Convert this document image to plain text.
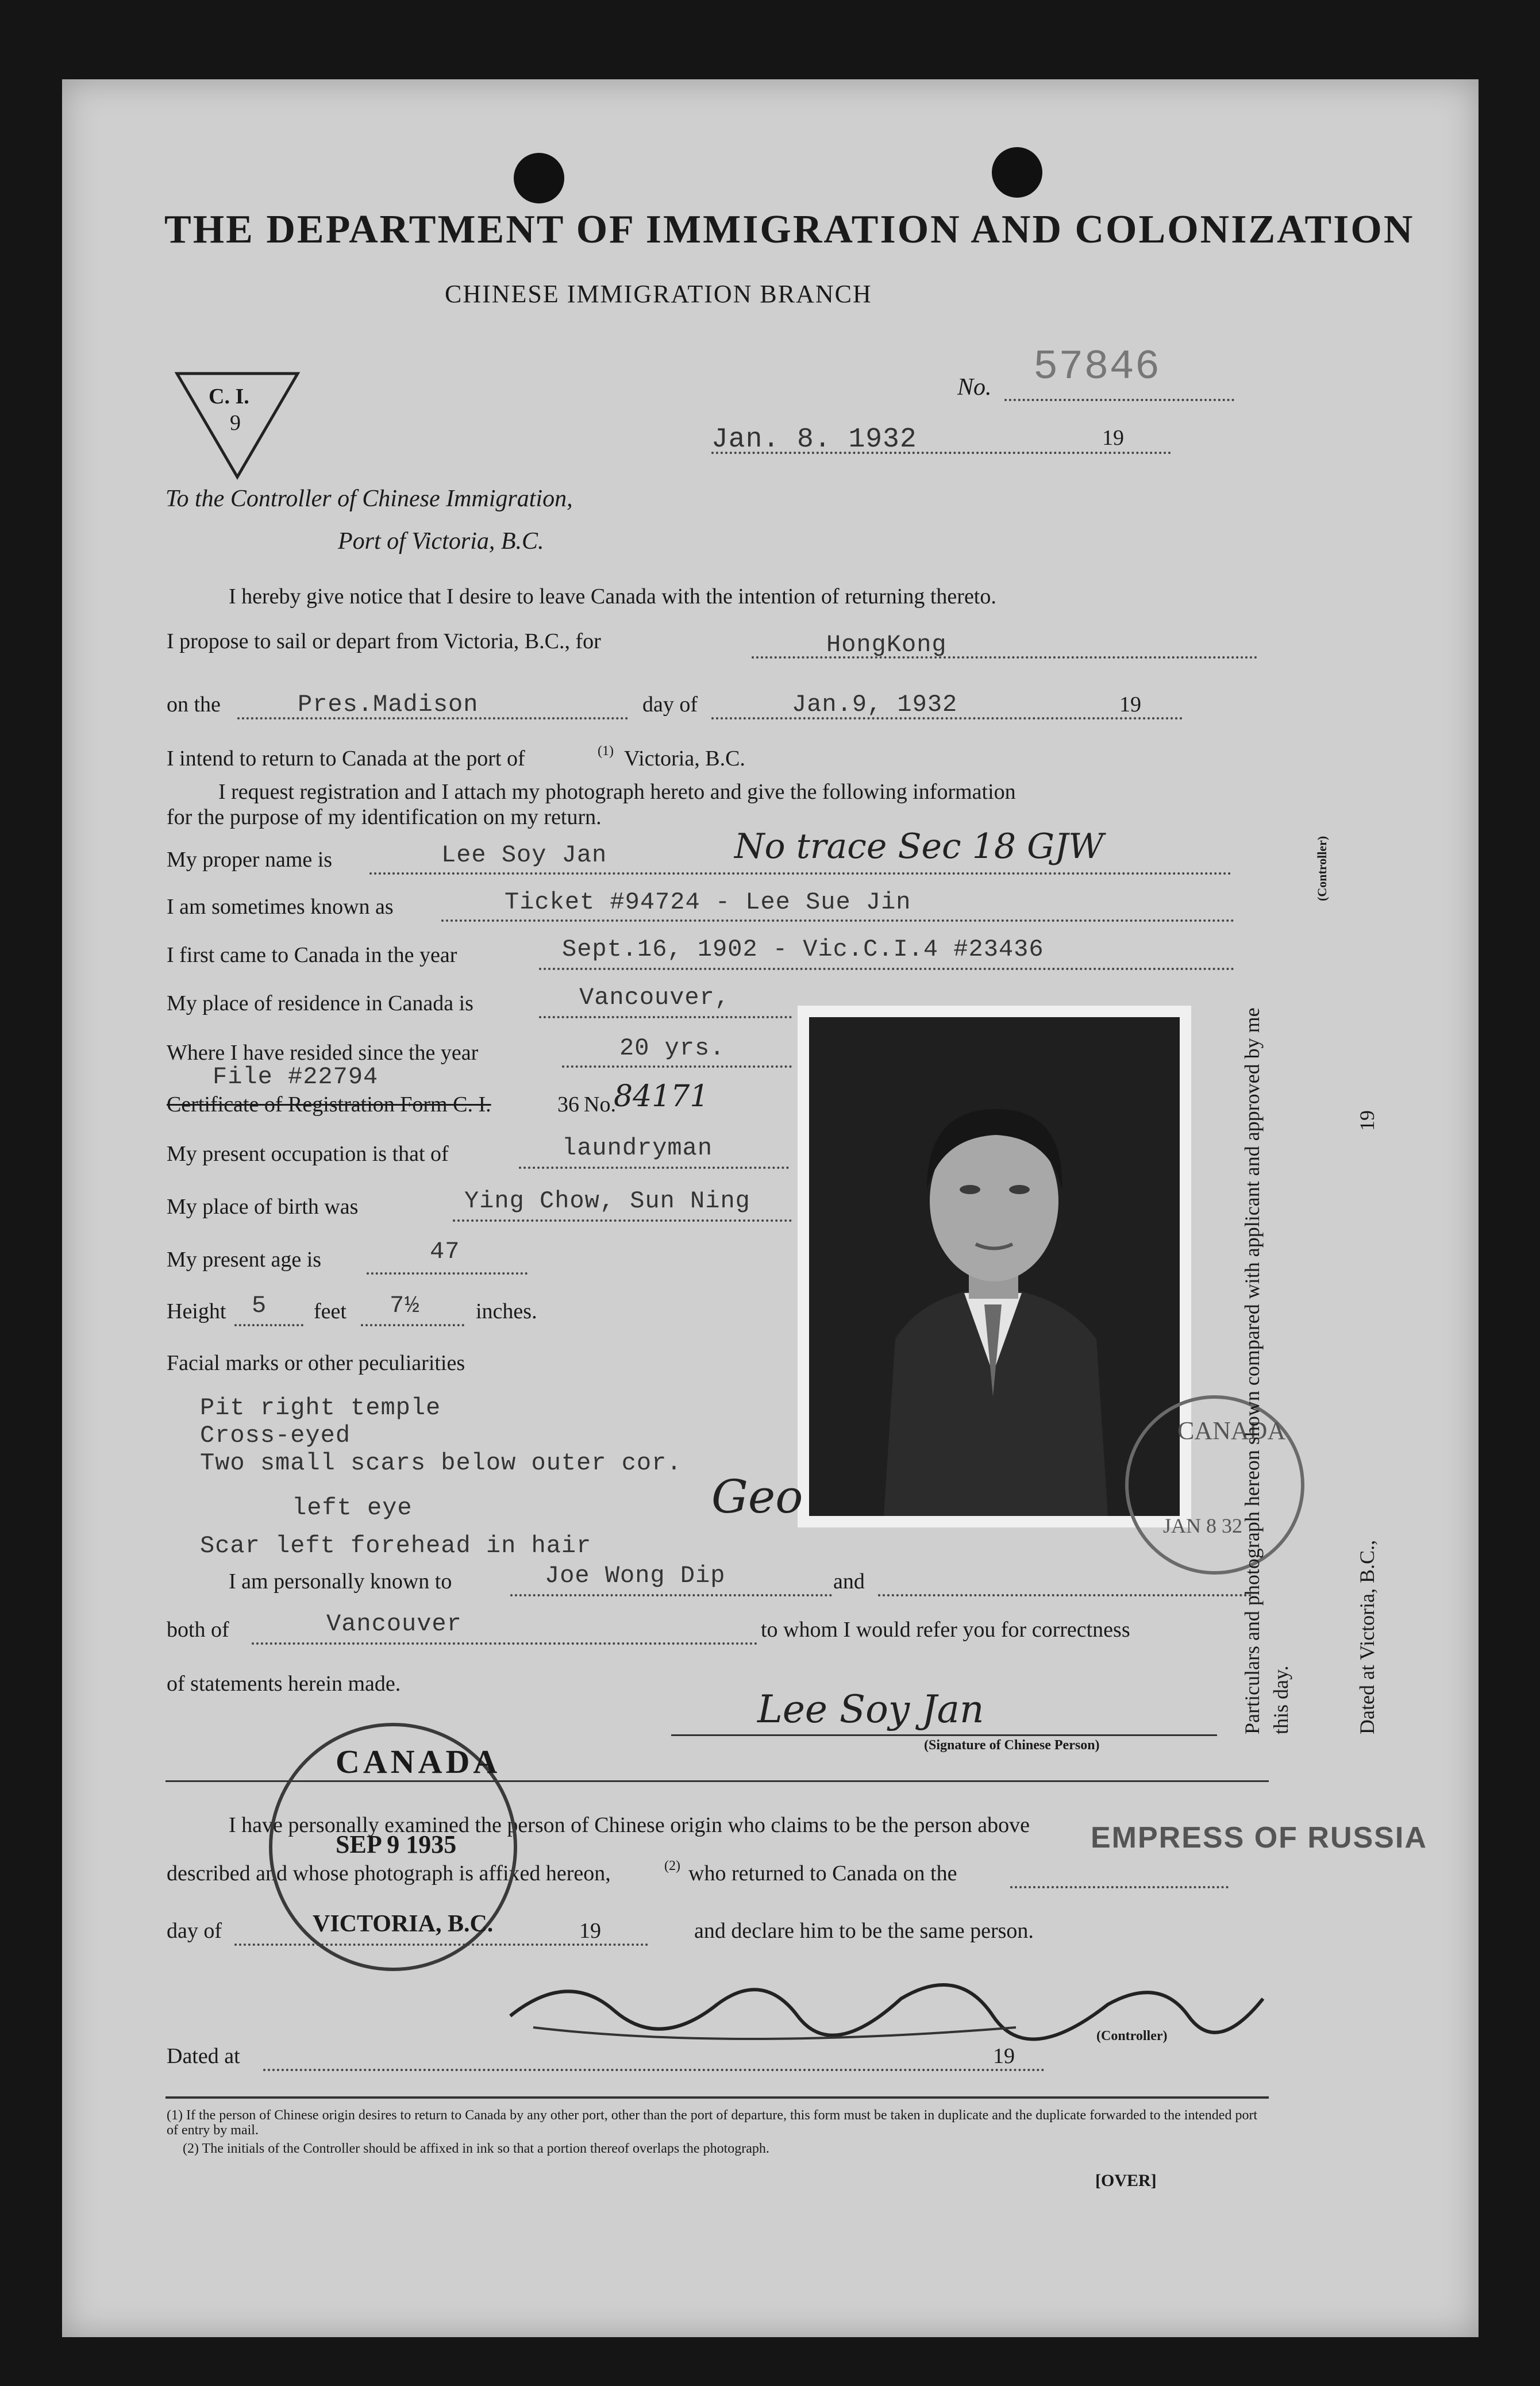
THE DEPARTMENT OF IMMIGRATION AND COLONIZATION
CHINESE IMMIGRATION BRANCH
C. I.
9
No. 57846
Jan. 8. 1932	19
To the Controller of Chinese Immigration,
Port of Victoria, B.C.
I hereby give notice that I desire to leave Canada with the intention of returning thereto.
I propose to sail or depart from Victoria, B.C., for	HongKong
on the	Pres.Madison	day of	Jan.9, 1932	19
I intend to return to Canada at the port of	(1) Victoria, B.C.
I request registration and I attach my photograph hereto and give the following information
for the purpose of my identification on my return.
My proper name is	Lee Soy Jan	No trace Sec 18 GJW
I am sometimes known as	Ticket #94724 - Lee Sue Jin
I first came to Canada in the year	Sept.16, 1902 - Vic.C.I.4 #23436
My place of residence in Canada is	Vancouver,
Where I have resided since the year	20 yrs.
File #22794
Certificate of Registration Form C. I.	36 No.
84171
My present occupation is that of	laundryman
My place of birth was	Ying Chow, Sun Ning
My present age is	47
Height 5 feet 7½	inches.
Facial marks or other peculiarities
Pit right temple
Cross-eyed
Two small scars below outer cor.
left eye
Scar left forehead in hair
I am personally known to	Joe Wong Dip	and
both of	Vancouver	to whom I would refer you for correctness
of statements herein made.
Lee Soy Jan
(Signature of Chinese Person)
CANADA
JAN 8 32
Geo	Particulars and photograph hereon shown compared with applicant and approved by me this day.
(Controller)
Dated at Victoria, B.C.,
19
I have personally examined the person of Chinese origin who claims to be the person above
described and whose photograph is affixed hereon,	(2) who returned to Canada on the
EMPRESS OF RUSSIA
day of	19	and declare him to be the same person.
(Controller)
Dated at	19
CANADA
SEP 9 1935
VICTORIA, B.C.
(1) If the person of Chinese origin desires to return to Canada by any other port, other than the port of departure, this form must be taken in duplicate and the duplicate forwarded to the intended port of entry by mail.
(2) The initials of the Controller should be affixed in ink so that a portion thereof overlaps the photograph.
[OVER]
